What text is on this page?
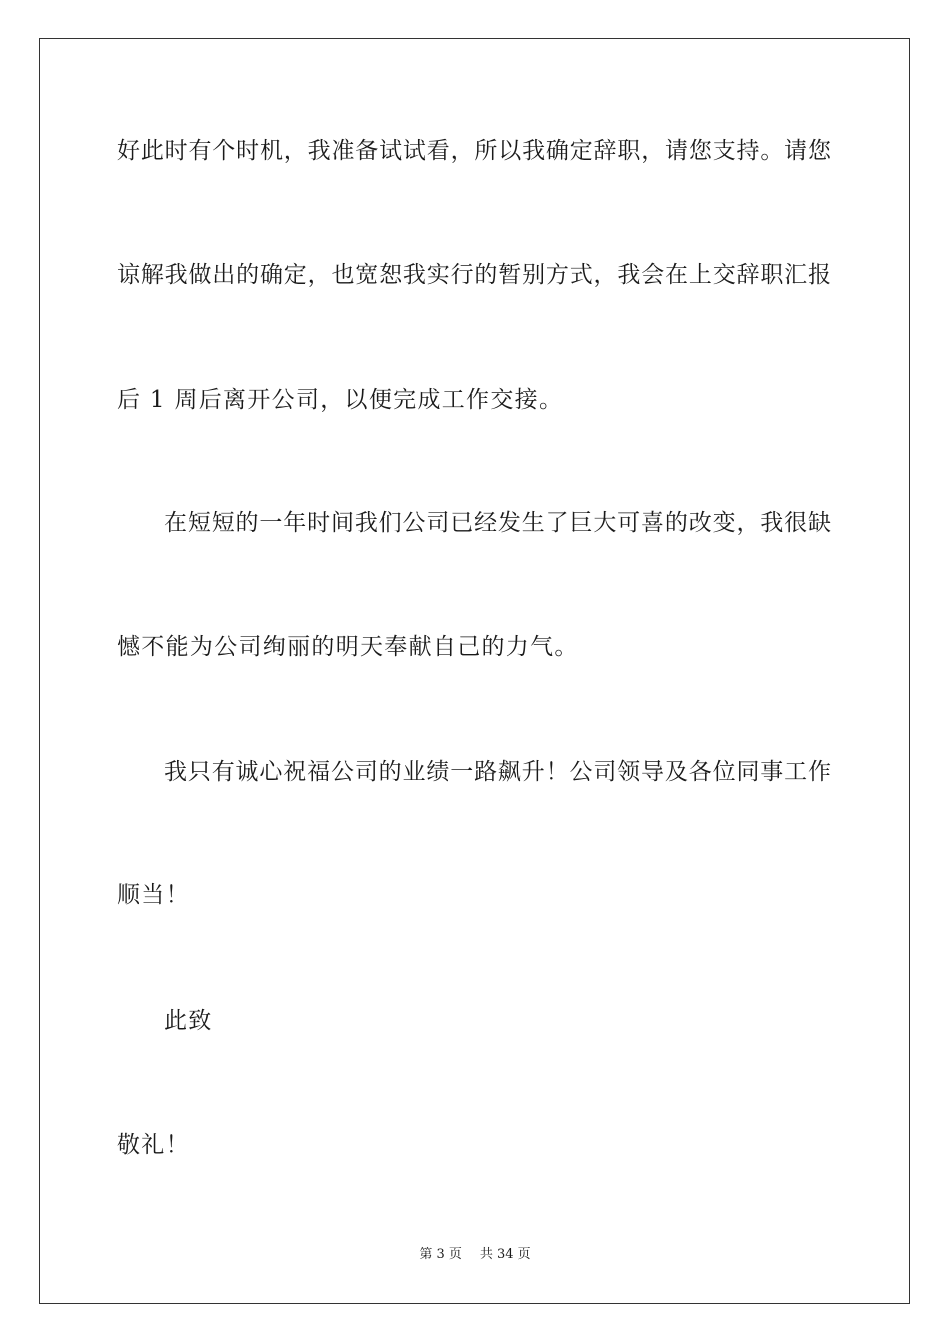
好此时有个时机，我准备试试看，所以我确定辞职，请您支持。请您
谅解我做出的确定，也宽恕我实行的暂别方式，我会在上交辞职汇报
后 1 周后离开公司，以便完成工作交接。
在短短的一年时间我们公司已经发生了巨大可喜的改变，我很缺
憾不能为公司绚丽的明天奉献自己的力气。
我只有诚心祝福公司的业绩一路飙升！公司领导及各位同事工作
顺当！
此致
敬礼！
第 3 页 共 34 页
